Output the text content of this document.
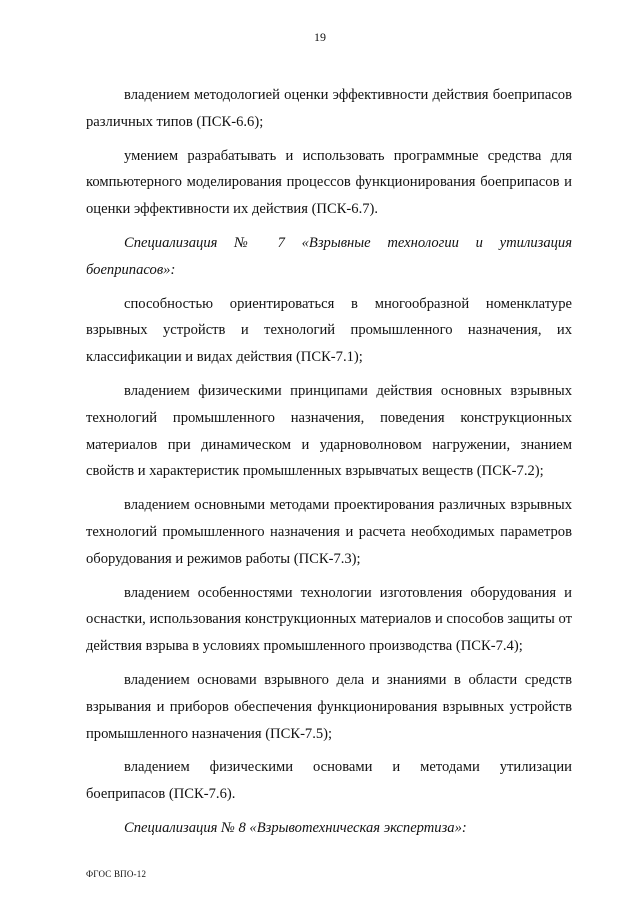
19

владением методологией оценки эффективности действия боеприпасов различных типов (ПСК-6.6);

умением разрабатывать и использовать программные средства для компьютерного моделирования процессов функционирования боеприпасов и оценки эффективности их действия (ПСК-6.7).

Специализация № 7 «Взрывные технологии и утилизация боеприпасов»:

способностью ориентироваться в многообразной номенклатуре взрывных устройств и технологий промышленного назначения, их классификации и видах действия (ПСК-7.1);

владением физическими принципами действия основных взрывных технологий промышленного назначения, поведения конструкционных материалов при динамическом и ударноволновом нагружении, знанием свойств и характеристик промышленных взрывчатых веществ (ПСК-7.2);

владением основными методами проектирования различных взрывных технологий промышленного назначения и расчета необходимых параметров оборудования и режимов работы (ПСК-7.3);

владением особенностями технологии изготовления оборудования и оснастки, использования конструкционных материалов и способов защиты от действия взрыва в условиях промышленного производства (ПСК-7.4);

владением основами взрывного дела и знаниями в области средств взрывания и приборов обеспечения функционирования взрывных устройств промышленного назначения (ПСК-7.5);

владением физическими основами и методами утилизации боеприпасов (ПСК-7.6).

Специализация № 8 «Взрывотехническая экспертиза»:

ФГОС ВПО-12
